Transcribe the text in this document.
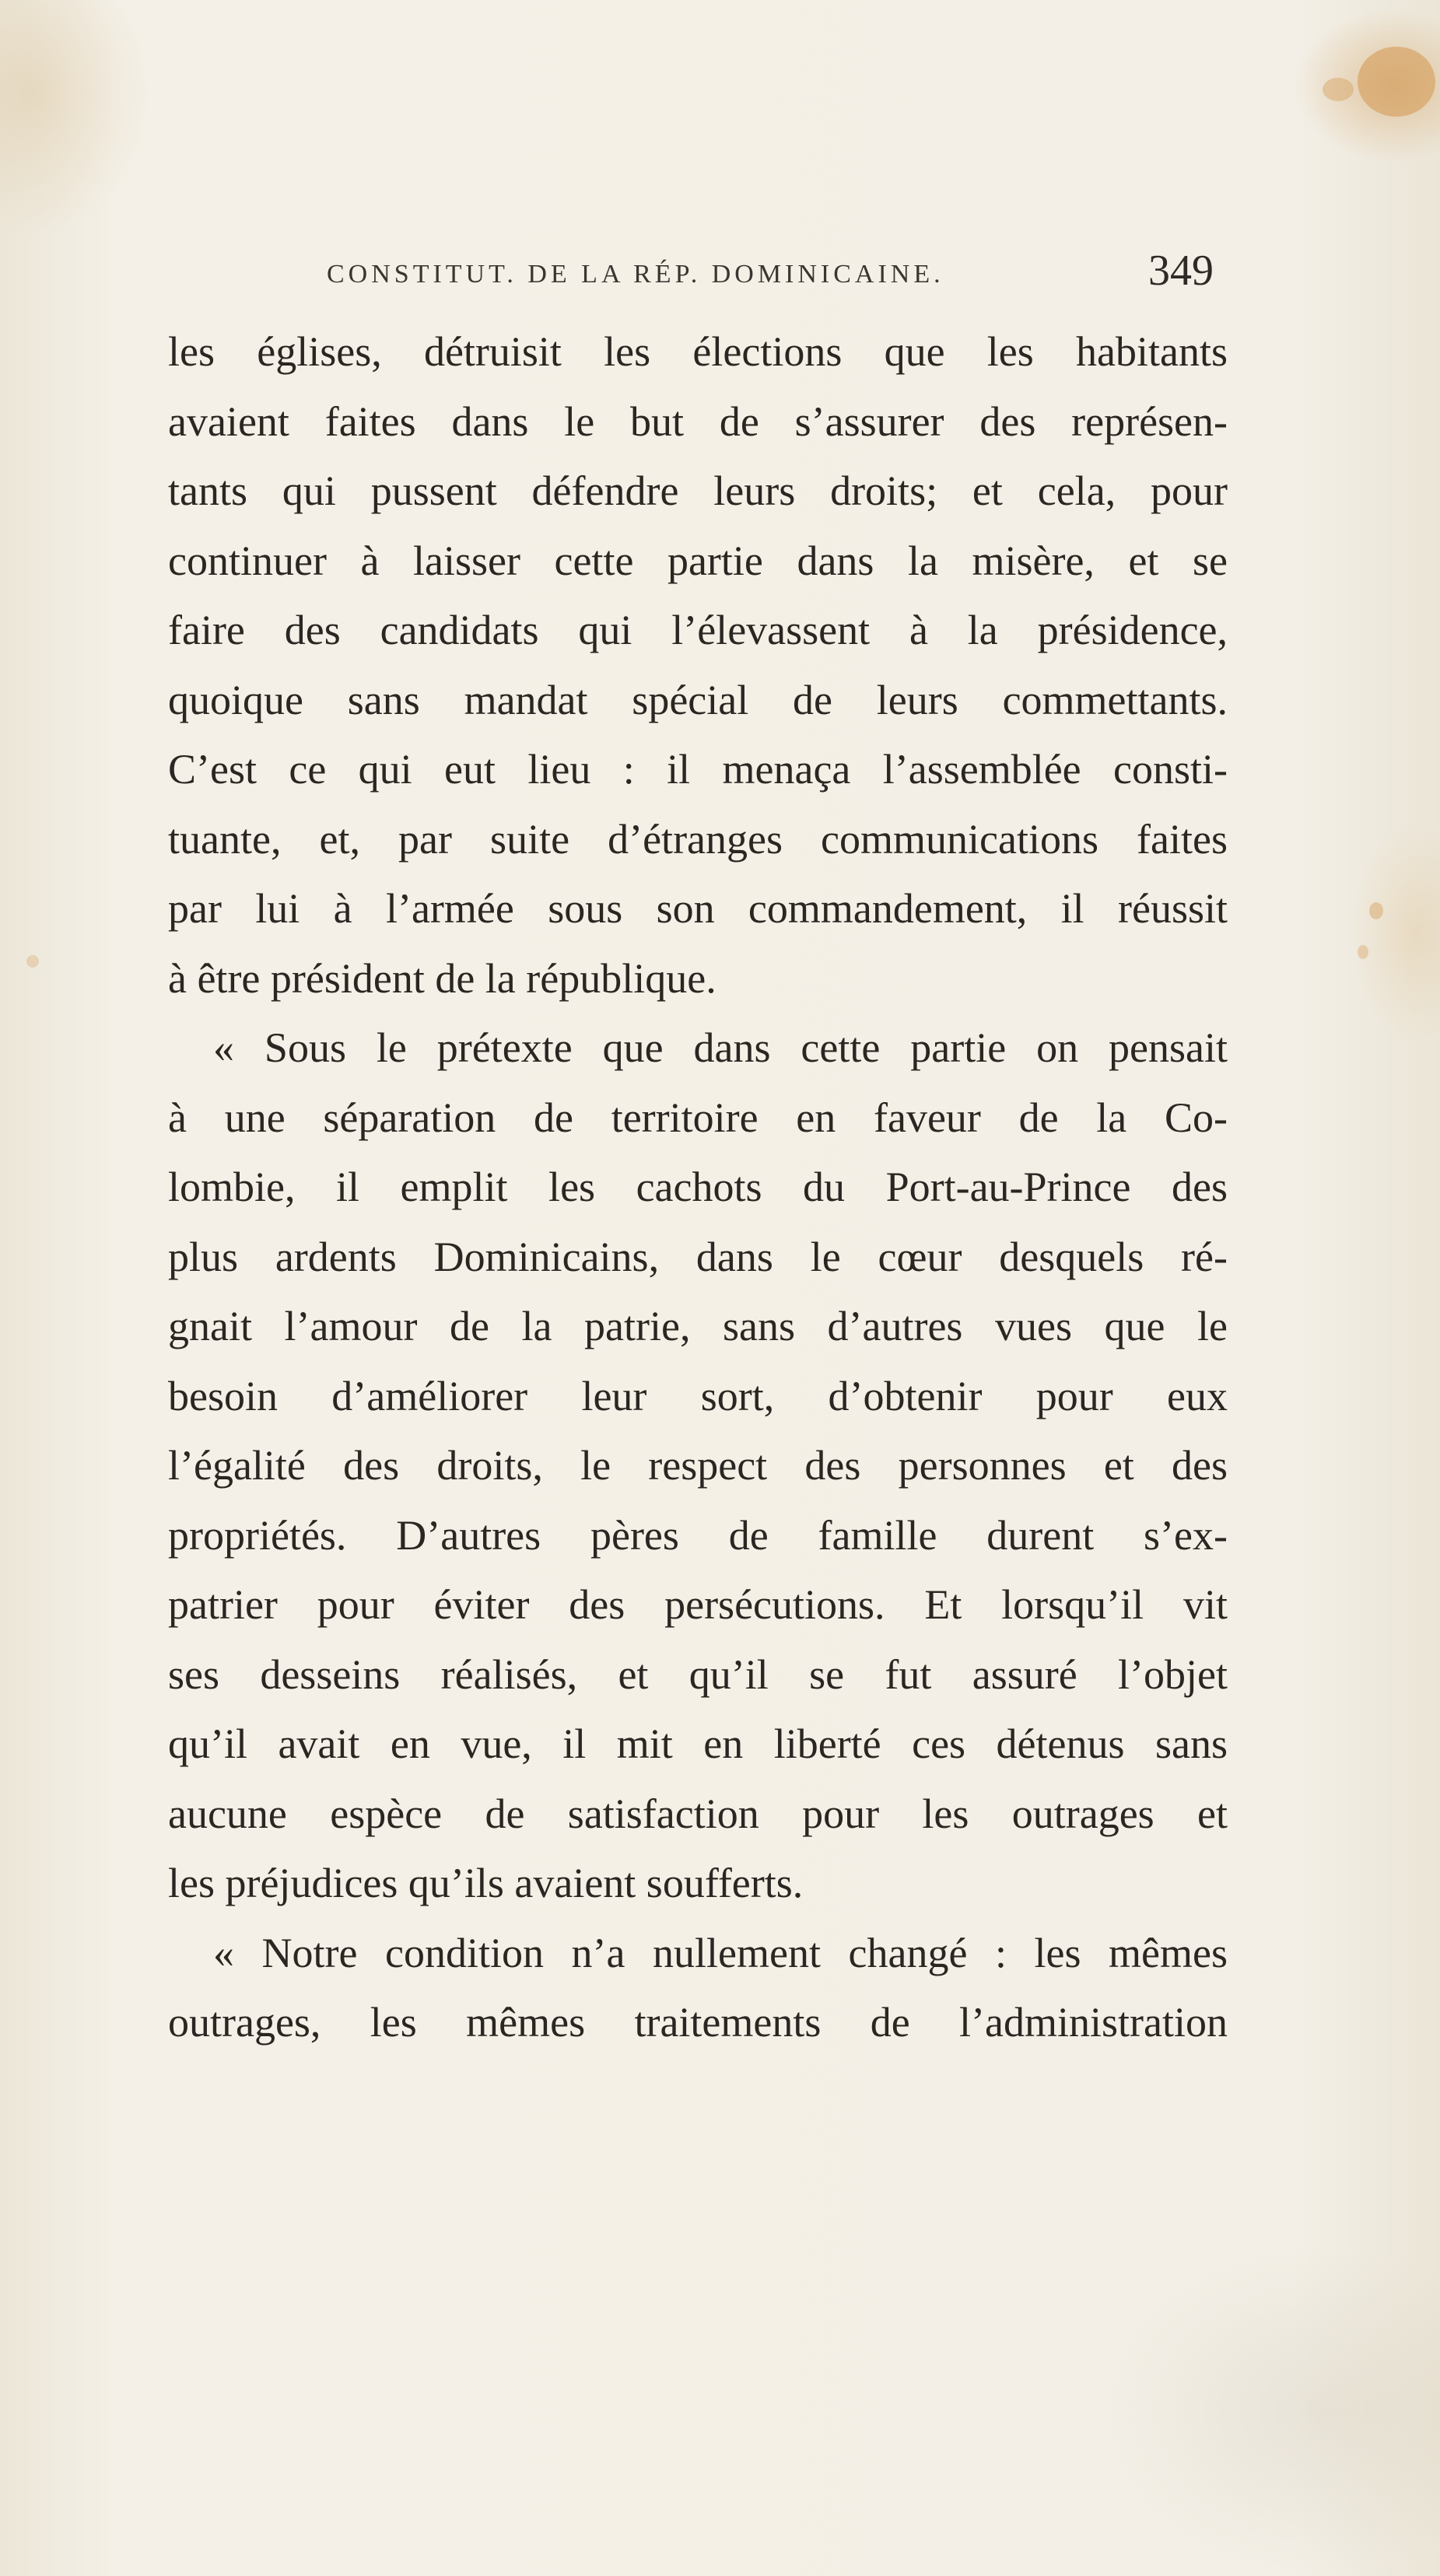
CONSTITUT. DE LA RÉP. DOMINICAINE.	349
les églises, détruisit les élections que les habitants
avaient faites dans le but de s’assurer des représen-
tants qui pussent défendre leurs droits; et cela, pour
continuer à laisser cette partie dans la misère, et se
faire des candidats qui l’élevassent à la présidence,
quoique sans mandat spécial de leurs commettants.
C’est ce qui eut lieu : il menaça l’assemblée consti-
tuante, et, par suite d’étranges communications faites
par lui à l’armée sous son commandement, il réussit
à être président de la république.
« Sous le prétexte que dans cette partie on pensait
à une séparation de territoire en faveur de la Co-
lombie, il emplit les cachots du Port-au-Prince des
plus ardents Dominicains, dans le cœur desquels ré-
gnait l’amour de la patrie, sans d’autres vues que le
besoin d’améliorer leur sort, d’obtenir pour eux
l’égalité des droits, le respect des personnes et des
propriétés. D’autres pères de famille durent s’ex-
patrier pour éviter des persécutions. Et lorsqu’il vit
ses desseins réalisés, et qu’il se fut assuré l’objet
qu’il avait en vue, il mit en liberté ces détenus sans
aucune espèce de satisfaction pour les outrages et
les préjudices qu’ils avaient soufferts.
« Notre condition n’a nullement changé : les mêmes
outrages, les mêmes traitements de l’administration
